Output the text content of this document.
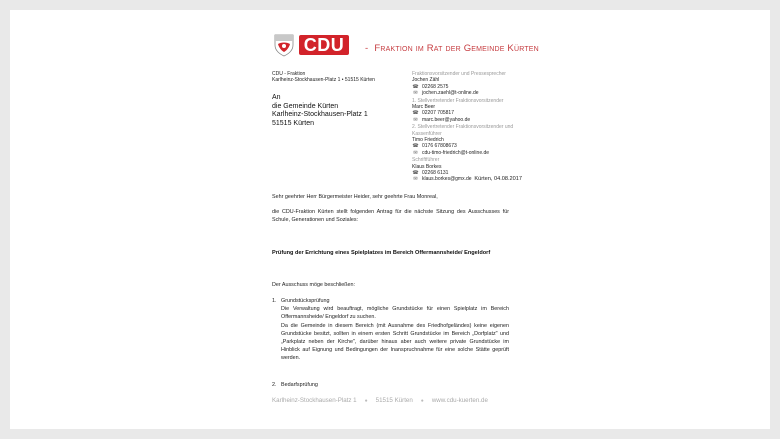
CDU	- Fraktion im Rat der Gemeinde Kürten
CDU - Fraktion
Karlheinz-Stockhausen-Platz 1 • 51515 Kürten
An
die Gemeinde Kürten
Karlheinz-Stockhausen-Platz 1
51515 Kürten
Fraktionsvorsitzender und Pressesprecher
Jochen Zähl
☎ 02268 2575
✉ jochen.zaehl@t-online.de
1. Stellvertretender Fraktionsvorsitzender
Marc Beer
☎ 02207 705817
✉ marc.beer@yahoo.de
2. Stellvertretender Fraktionsvorsitzender und Kassenführer
Timo Friedrich
☎ 0176 67808673
✉ cdu-timo-friedrich@t-online.de
Schriftführer
Klaus Borkes
☎ 02268 6131
✉ klaus.borkes@gmx.de Kürten, 04.08.2017
Sehr geehrter Herr Bürgermeister Heider, sehr geehrte Frau Monreal,
die CDU-Fraktion Kürten stellt folgenden Antrag für die nächste Sitzung des Ausschusses für Schule, Generationen und Soziales:
Prüfung der Errichtung eines Spielplatzes im Bereich Offermannsheide/ Engeldorf
Der Ausschuss möge beschließen:
1. Grundstücksprüfung
Die Verwaltung wird beauftragt, mögliche Grundstücke für einen Spielplatz im Bereich Offermannsheide/ Engeldorf zu suchen.
Da die Gemeinde in diesem Bereich (mit Ausnahme des Friedhofgeländes) keine eigenen Grundstücke besitzt, sollten in einem ersten Schritt Grundstücke im Bereich „Dorfplatz" und „Parkplatz neben der Kirche", darüber hinaus aber auch weitere private Grundstücke im Hinblick auf Eignung und Bedingungen der Inanspruchnahme für eine solche Stätte geprüft werden.
2. Bedarfsprüfung
Karlheinz-Stockhausen-Platz 1 ● 51515 Kürten ● www.cdu-kuerten.de
